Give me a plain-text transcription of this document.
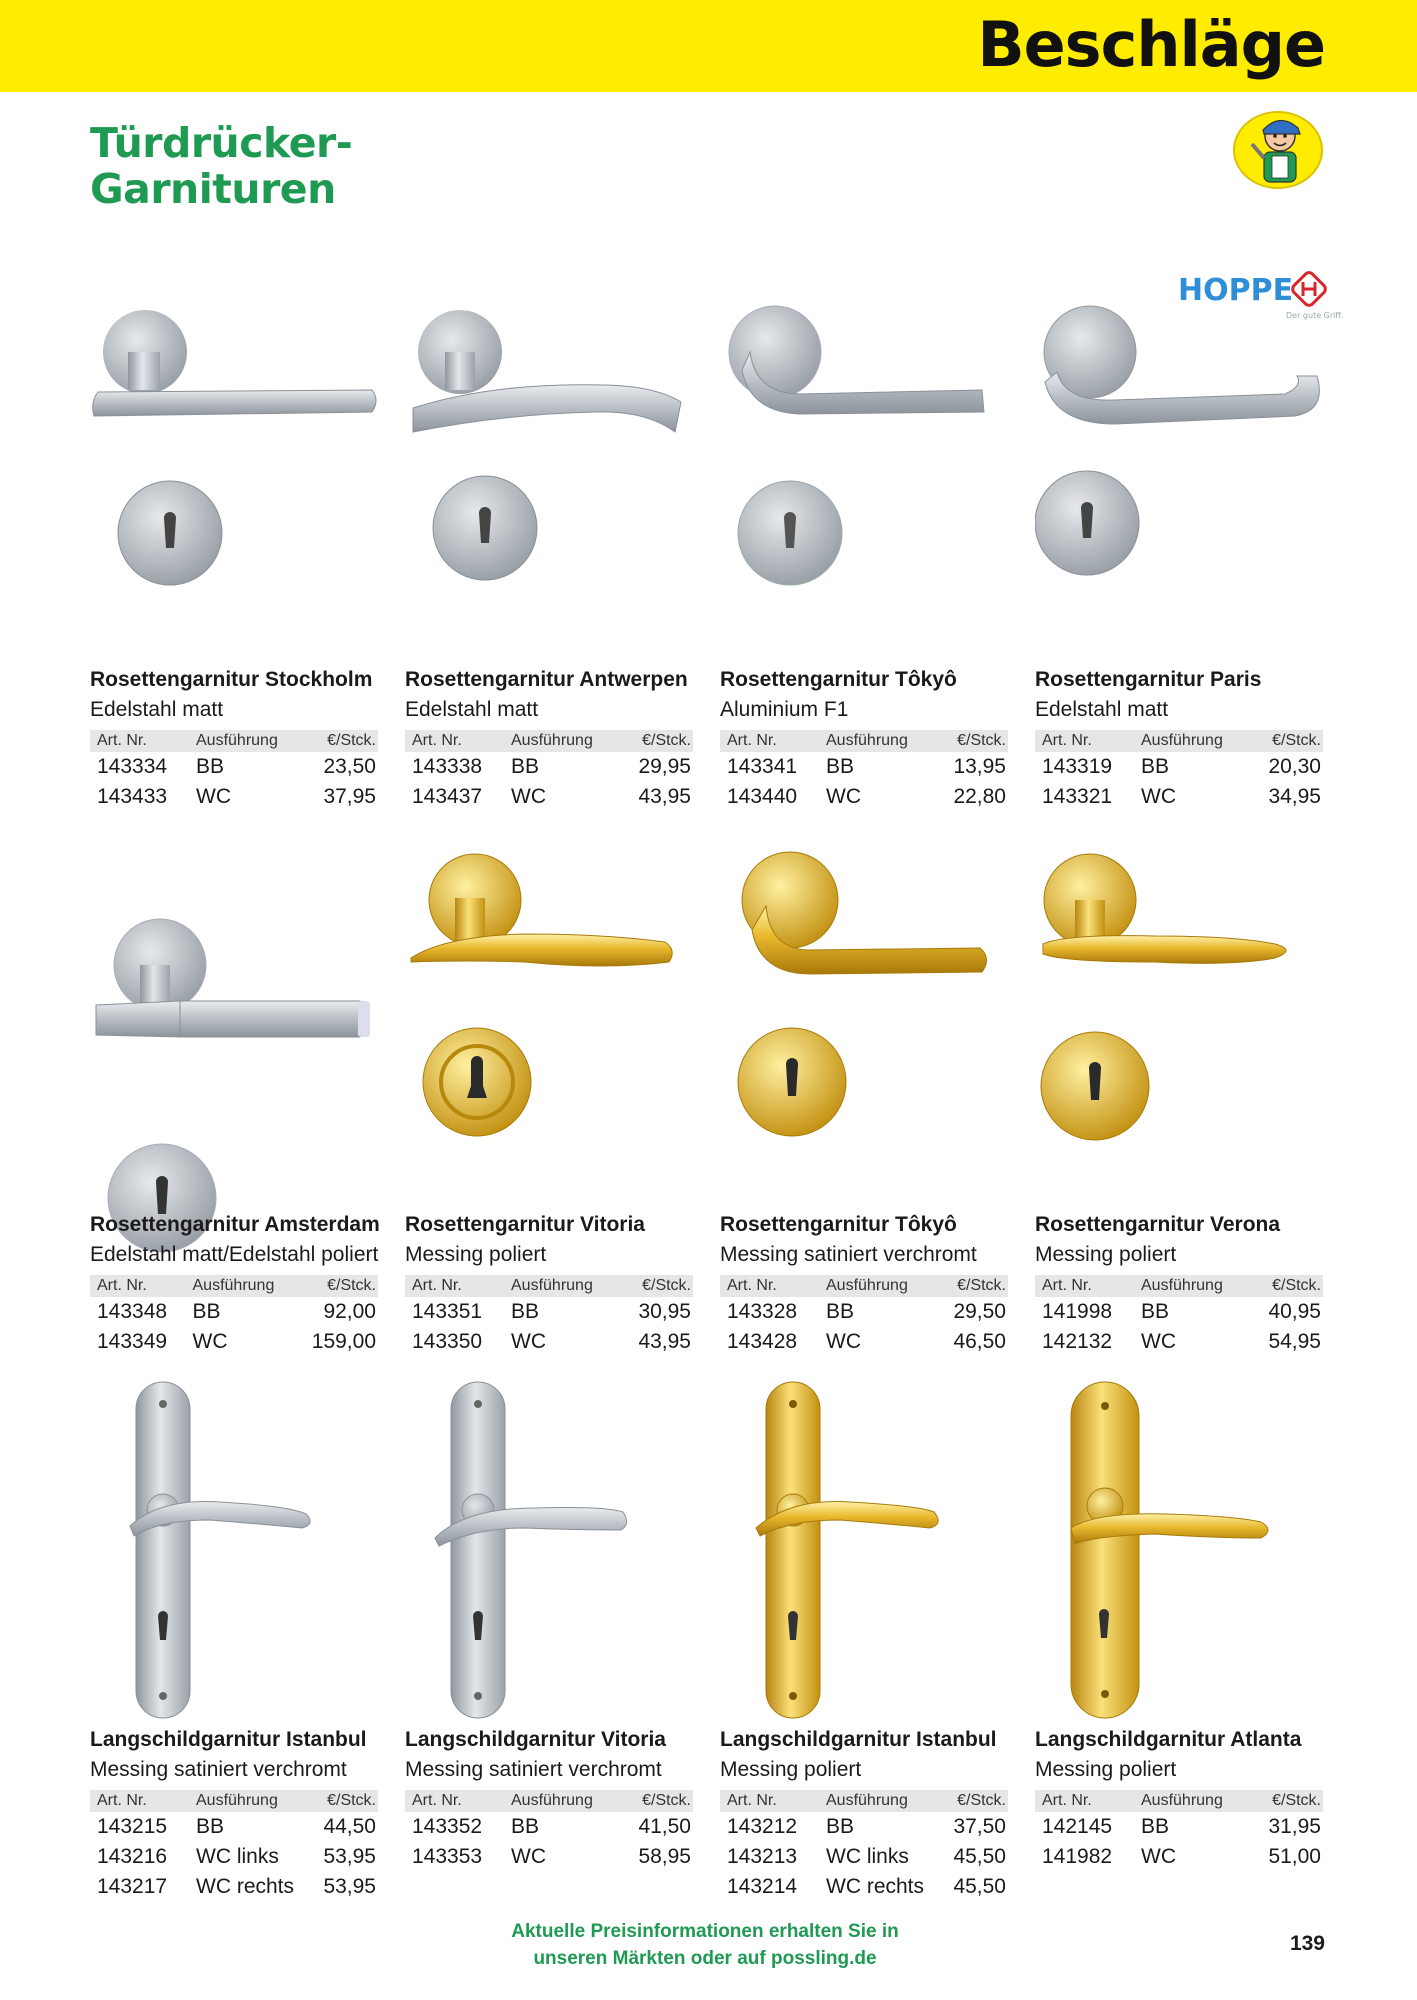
Beschläge
Türdrücker-
Garnituren
HOPPE
Der gute Griff.
Rosettengarnitur Stockholm
Edelstahl matt
Art. Nr.	Ausführung	€/Stck.
143334	BB	23,50
143433	WC	37,95
Rosettengarnitur Antwerpen
Edelstahl matt
Art. Nr.	Ausführung	€/Stck.
143338	BB	29,95
143437	WC	43,95
Rosettengarnitur Tôkyô
Aluminium F1
Art. Nr.	Ausführung	€/Stck.
143341	BB	13,95
143440	WC	22,80
Rosettengarnitur Paris
Edelstahl matt
Art. Nr.	Ausführung	€/Stck.
143319	BB	20,30
143321	WC	34,95
Rosettengarnitur Amsterdam
Edelstahl matt/Edelstahl poliert
Art. Nr.	Ausführung	€/Stck.
143348	BB	92,00
143349	WC	159,00
Rosettengarnitur Vitoria
Messing poliert
Art. Nr.	Ausführung	€/Stck.
143351	BB	30,95
143350	WC	43,95
Rosettengarnitur Tôkyô
Messing satiniert verchromt
Art. Nr.	Ausführung	€/Stck.
143328	BB	29,50
143428	WC	46,50
Rosettengarnitur Verona
Messing poliert
Art. Nr.	Ausführung	€/Stck.
141998	BB	40,95
142132	WC	54,95
Langschildgarnitur Istanbul
Messing satiniert verchromt
Art. Nr.	Ausführung	€/Stck.
143215	BB	44,50
143216	WC links	53,95
143217	WC rechts	53,95
Langschildgarnitur Vitoria
Messing satiniert verchromt
Art. Nr.	Ausführung	€/Stck.
143352	BB	41,50
143353	WC	58,95
Langschildgarnitur Istanbul
Messing poliert
Art. Nr.	Ausführung	€/Stck.
143212	BB	37,50
143213	WC links	45,50
143214	WC rechts	45,50
Langschildgarnitur Atlanta
Messing poliert
Art. Nr.	Ausführung	€/Stck.
142145	BB	31,95
141982	WC	51,00
Aktuelle Preisinformationen erhalten Sie in
unseren Märkten oder auf possling.de
139
